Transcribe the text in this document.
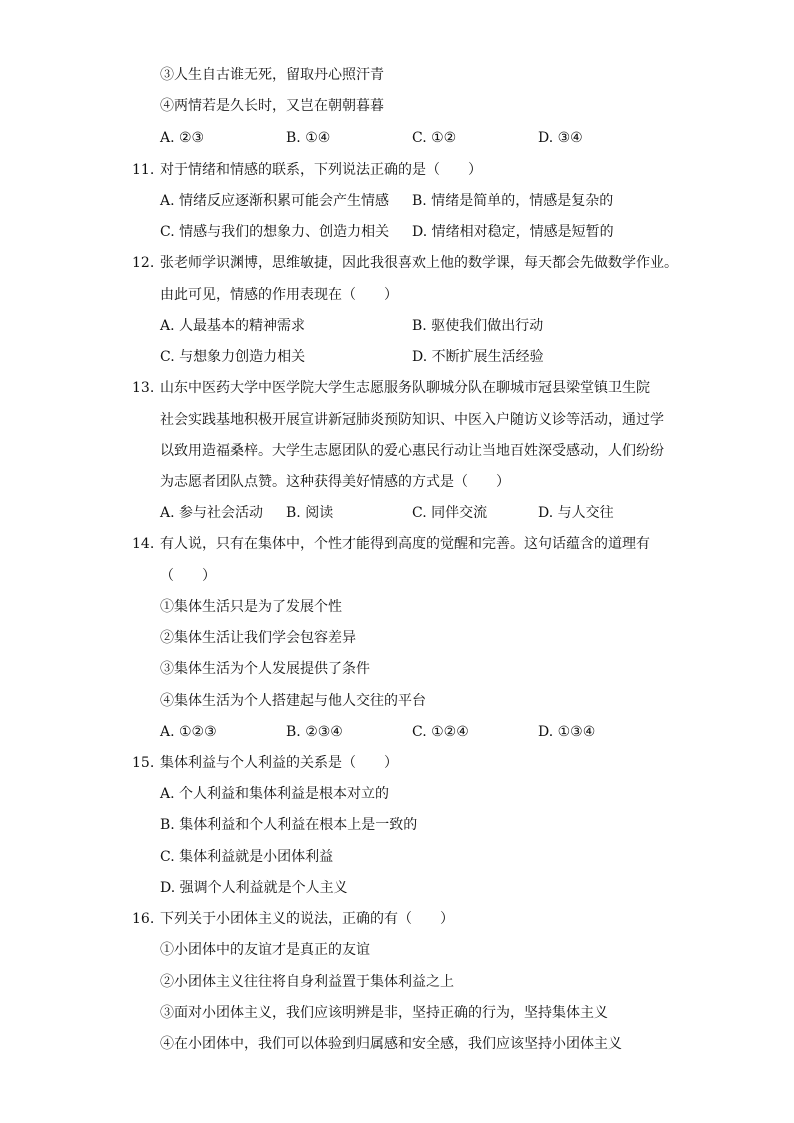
③人生自古谁无死，留取丹心照汗青
④两情若是久长时，又岂在朝朝暮暮
A. ②③	B. ①④	C. ①②	D. ③④
11. 对于情绪和情感的联系，下列说法正确的是（　　）
A. 情绪反应逐渐积累可能会产生情感 B. 情绪是简单的，情感是复杂的
C. 情感与我们的想象力、创造力相关 D. 情绪相对稳定，情感是短暂的
12. 张老师学识渊博，思维敏捷，因此我很喜欢上他的数学课，每天都会先做数学作业。
由此可见，情感的作用表现在（　　）
A. 人最基本的精神需求	B. 驱使我们做出行动
C. 与想象力创造力相关	D. 不断扩展生活经验
13. 山东中医药大学中医学院大学生志愿服务队聊城分队在聊城市冠县梁堂镇卫生院
社会实践基地积极开展宣讲新冠肺炎预防知识、中医入户随访义诊等活动，通过学
以致用造福桑梓。大学生志愿团队的爱心惠民行动让当地百姓深受感动，人们纷纷
为志愿者团队点赞。这种获得美好情感的方式是（　　）
A. 参与社会活动 B. 阅读	C. 同伴交流	D. 与人交往
14. 有人说，只有在集体中，个性才能得到高度的觉醒和完善。这句话蕴含的道理有
（　　）
①集体生活只是为了发展个性
②集体生活让我们学会包容差异
③集体生活为个人发展提供了条件
④集体生活为个人搭建起与他人交往的平台
A. ①②③	B. ②③④	C. ①②④	D. ①③④
15. 集体利益与个人利益的关系是（　　）
A. 个人利益和集体利益是根本对立的
B. 集体利益和个人利益在根本上是一致的
C. 集体利益就是小团体利益
D. 强调个人利益就是个人主义
16. 下列关于小团体主义的说法，正确的有（　　）
①小团体中的友谊才是真正的友谊
②小团体主义往往将自身利益置于集体利益之上
③面对小团体主义，我们应该明辨是非，坚持正确的行为，坚持集体主义
④在小团体中，我们可以体验到归属感和安全感，我们应该坚持小团体主义
